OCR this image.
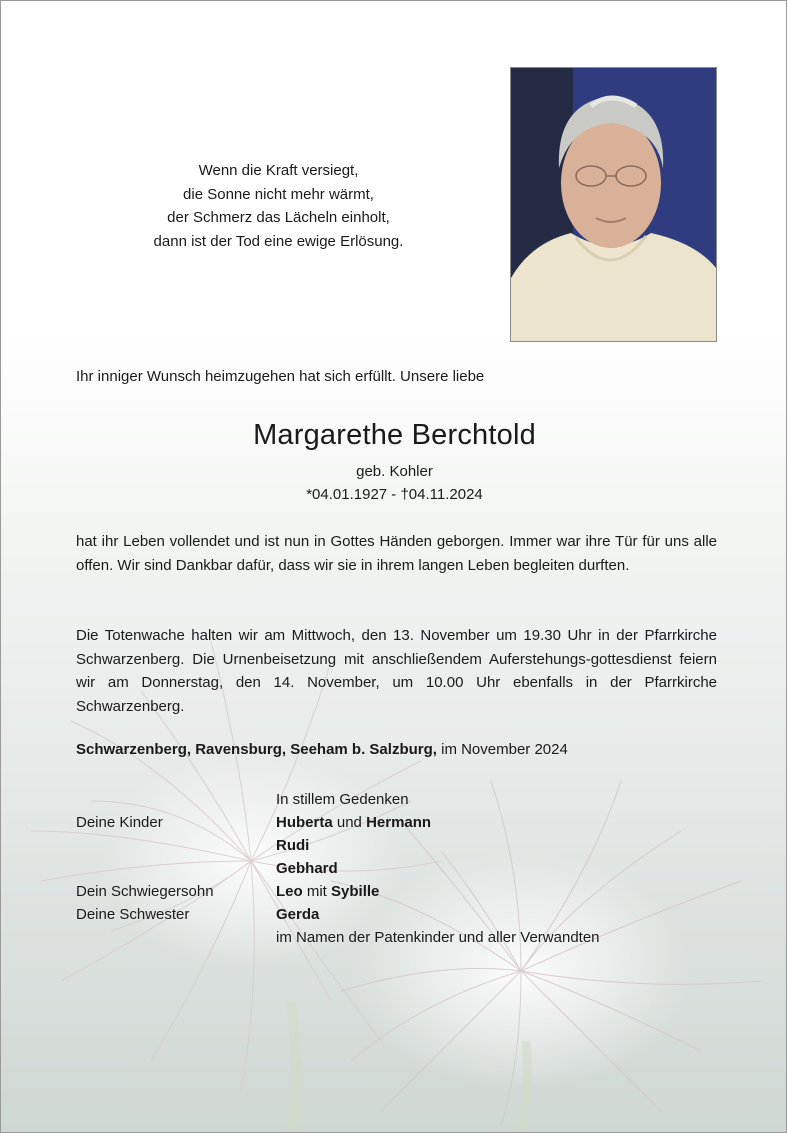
Wenn die Kraft versiegt,
die Sonne nicht mehr wärmt,
der Schmerz das Lächeln einholt,
dann ist der Tod eine ewige Erlösung.
Ihr inniger Wunsch heimzugehen hat sich erfüllt. Unsere liebe
Margarethe Berchtold
geb. Kohler
*04.01.1927 - †04.11.2024
hat ihr Leben vollendet und ist nun in Gottes Händen geborgen. Immer war ihre Tür für uns alle offen. Wir sind Dankbar dafür, dass wir sie in ihrem langen Leben begleiten durften.
Die Totenwache halten wir am Mittwoch, den 13. November um 19.30 Uhr in der Pfarrkirche Schwarzenberg. Die Urnenbeisetzung mit anschließendem Auferstehungs-gottesdienst feiern wir am Donnerstag, den 14. November, um 10.00 Uhr ebenfalls in der Pfarrkirche Schwarzenberg.
Schwarzenberg, Ravensburg, Seeham b. Salzburg, im November 2024
In stillem Gedenken
Deine Kinder	Huberta und Hermann
Rudi
Gebhard
Dein Schwiegersohn	Leo mit Sybille
Deine Schwester	Gerda
im Namen der Patenkinder und aller Verwandten
